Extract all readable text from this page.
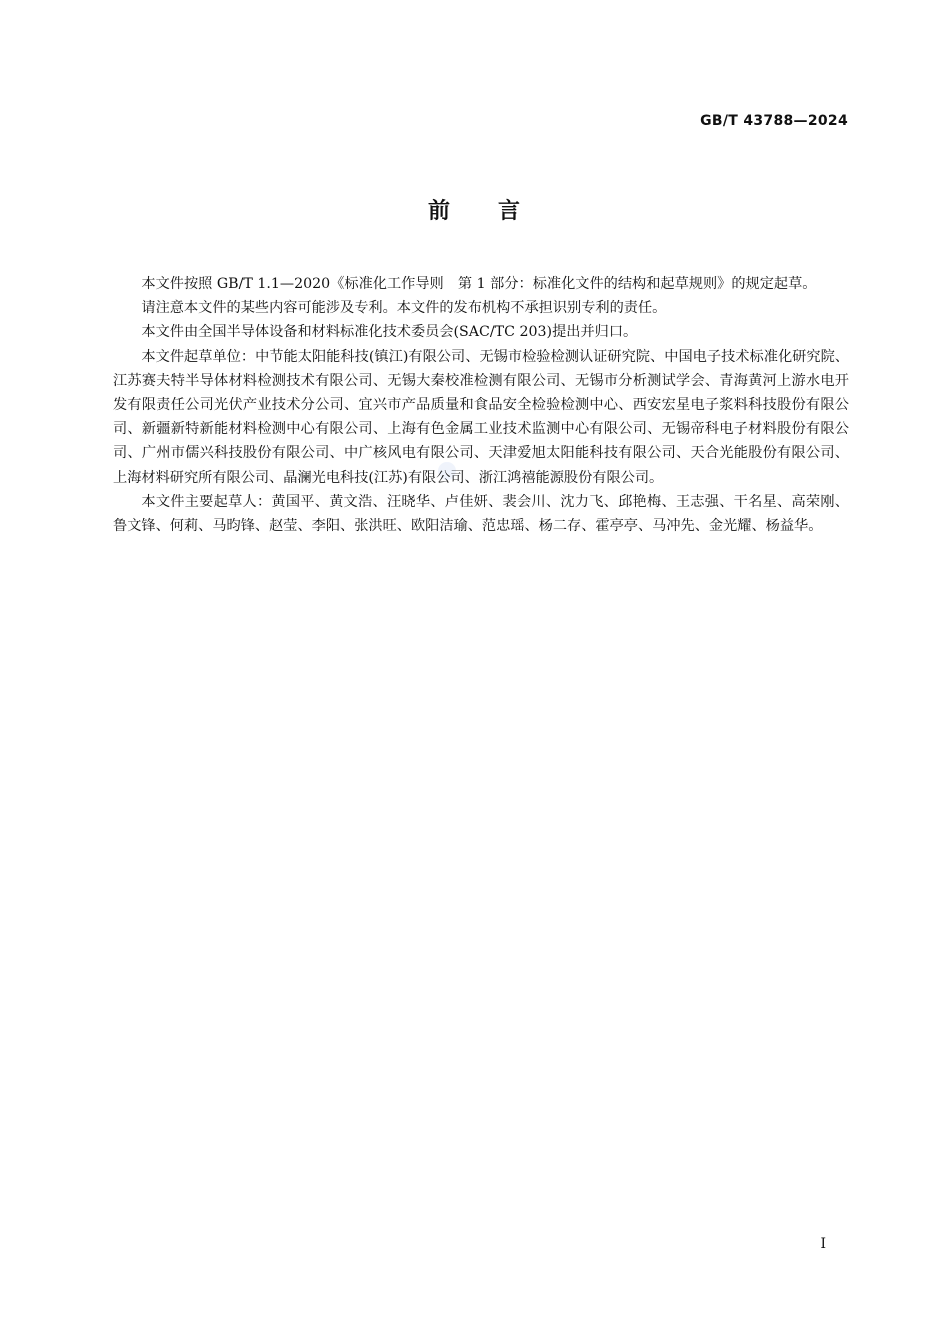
GB/T 43788—2024
前 言

本文件按照 GB/T 1.1—2020《标准化工作导则　第 1 部分：标准化文件的结构和起草规则》的规定起草。

请注意本文件的某些内容可能涉及专利。本文件的发布机构不承担识别专利的责任。

本文件由全国半导体设备和材料标准化技术委员会(SAC/TC 203)提出并归口。

本文件起草单位：中节能太阳能科技(镇江)有限公司、无锡市检验检测认证研究院、中国电子技术标准化研究院、江苏赛夫特半导体材料检测技术有限公司、无锡大秦校准检测有限公司、无锡市分析测试学会、青海黄河上游水电开发有限责任公司光伏产业技术分公司、宜兴市产品质量和食品安全检验检测中心、西安宏星电子浆料科技股份有限公司、新疆新特新能材料检测中心有限公司、上海有色金属工业技术监测中心有限公司、无锡帝科电子材料股份有限公司、广州市儒兴科技股份有限公司、中广核风电有限公司、天津爱旭太阳能科技有限公司、天合光能股份有限公司、上海材料研究所有限公司、晶澜光电科技(江苏)有限公司、浙江鸿禧能源股份有限公司。

本文件主要起草人：黄国平、黄文浩、汪晓华、卢佳妍、裴会川、沈力飞、邱艳梅、王志强、干名星、高荣刚、鲁文锋、何莉、马昀锋、赵莹、李阳、张洪旺、欧阳洁瑜、范忠瑶、杨二存、霍亭亭、马冲先、金光耀、杨益华。

I
